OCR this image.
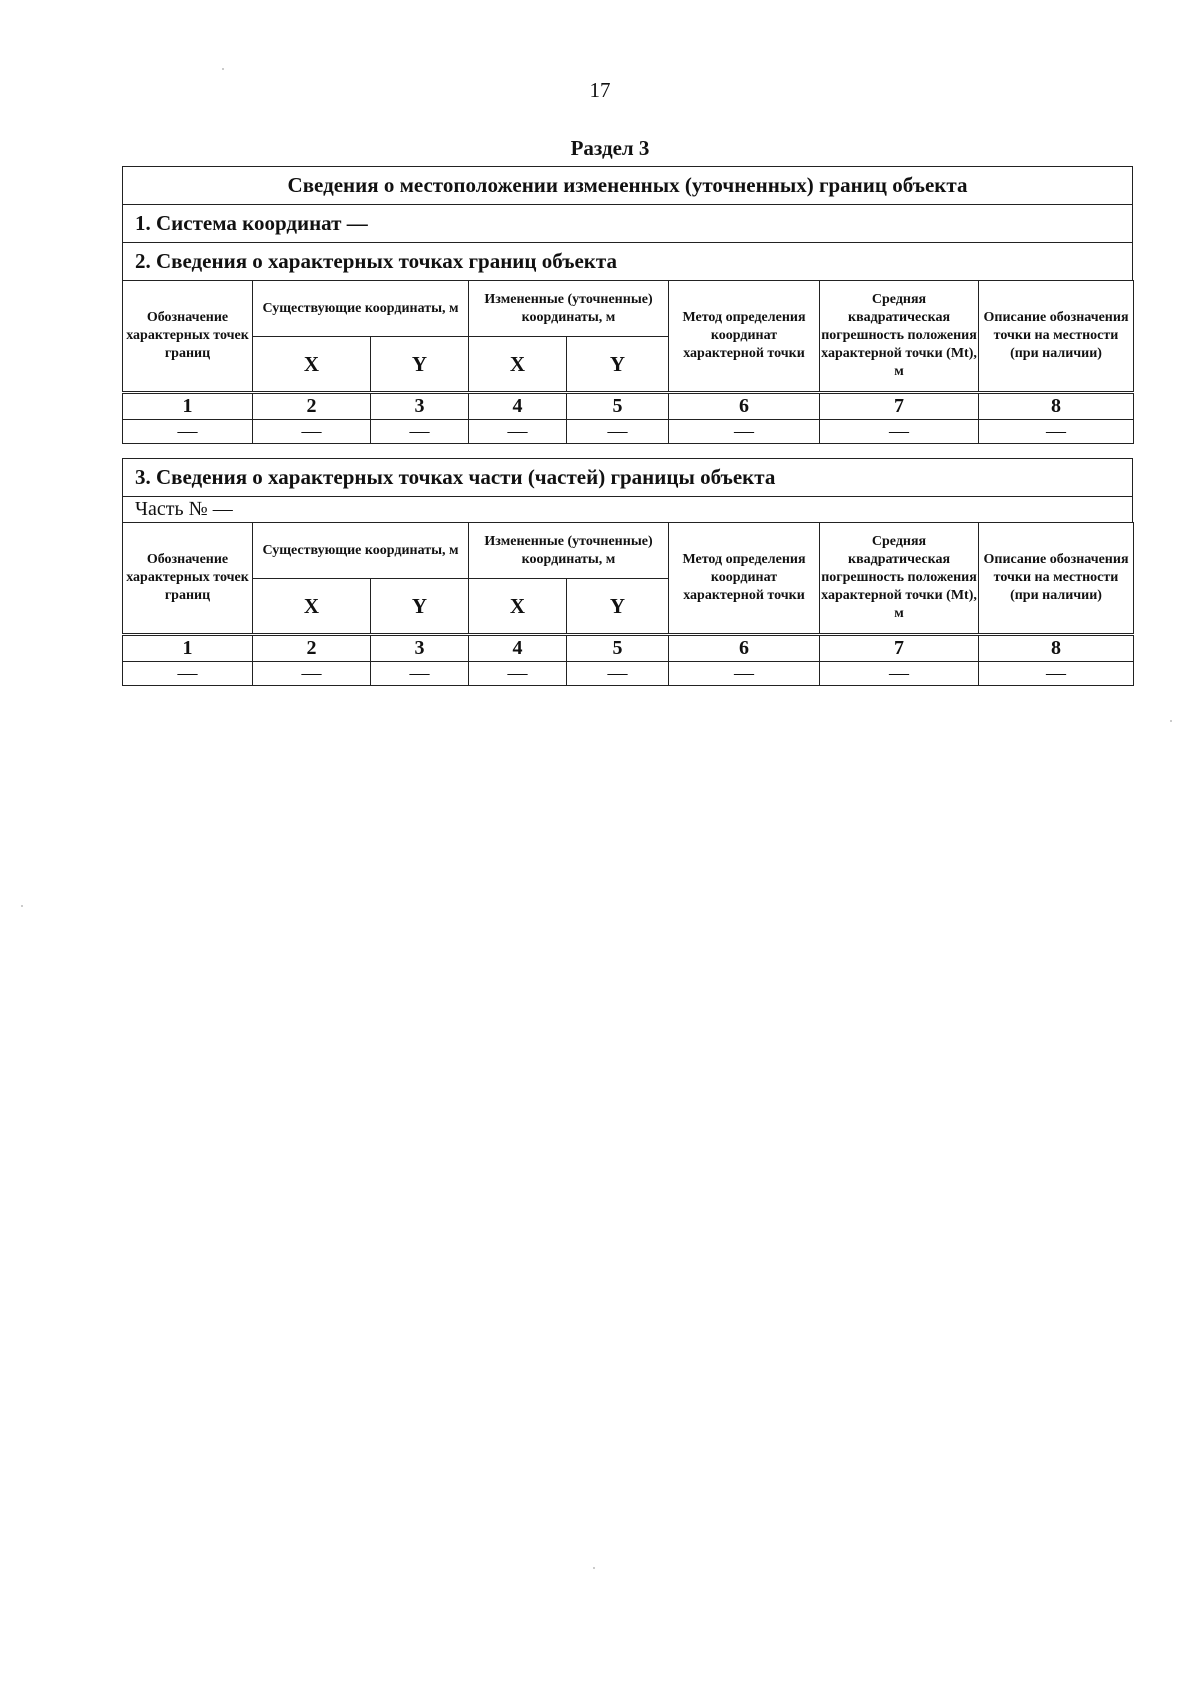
17
Раздел 3
Сведения о местоположении измененных (уточненных) границ объекта
1. Система координат —
2. Сведения о характерных точках границ объекта
Обозначение характерных точек границ	Существующие координаты, м		Измененные (уточненные) координаты, м		Метод определения координат характерной точки	Средняя квадратическая погрешность положения характерной точки (Mt), м	Описание обозначения точки на местности (при наличии)
	X	Y	X	Y			
1	2	3	4	5	6	7	8
—	—	—	—	—	—	—	—
3. Сведения о характерных точках части (частей) границы объекта
Часть № —
Обозначение характерных точек границ	Существующие координаты, м		Измененные (уточненные) координаты, м		Метод определения координат характерной точки	Средняя квадратическая погрешность положения характерной точки (Mt), м	Описание обозначения точки на местности (при наличии)
	X	Y	X	Y			
1	2	3	4	5	6	7	8
—	—	—	—	—	—	—	—
